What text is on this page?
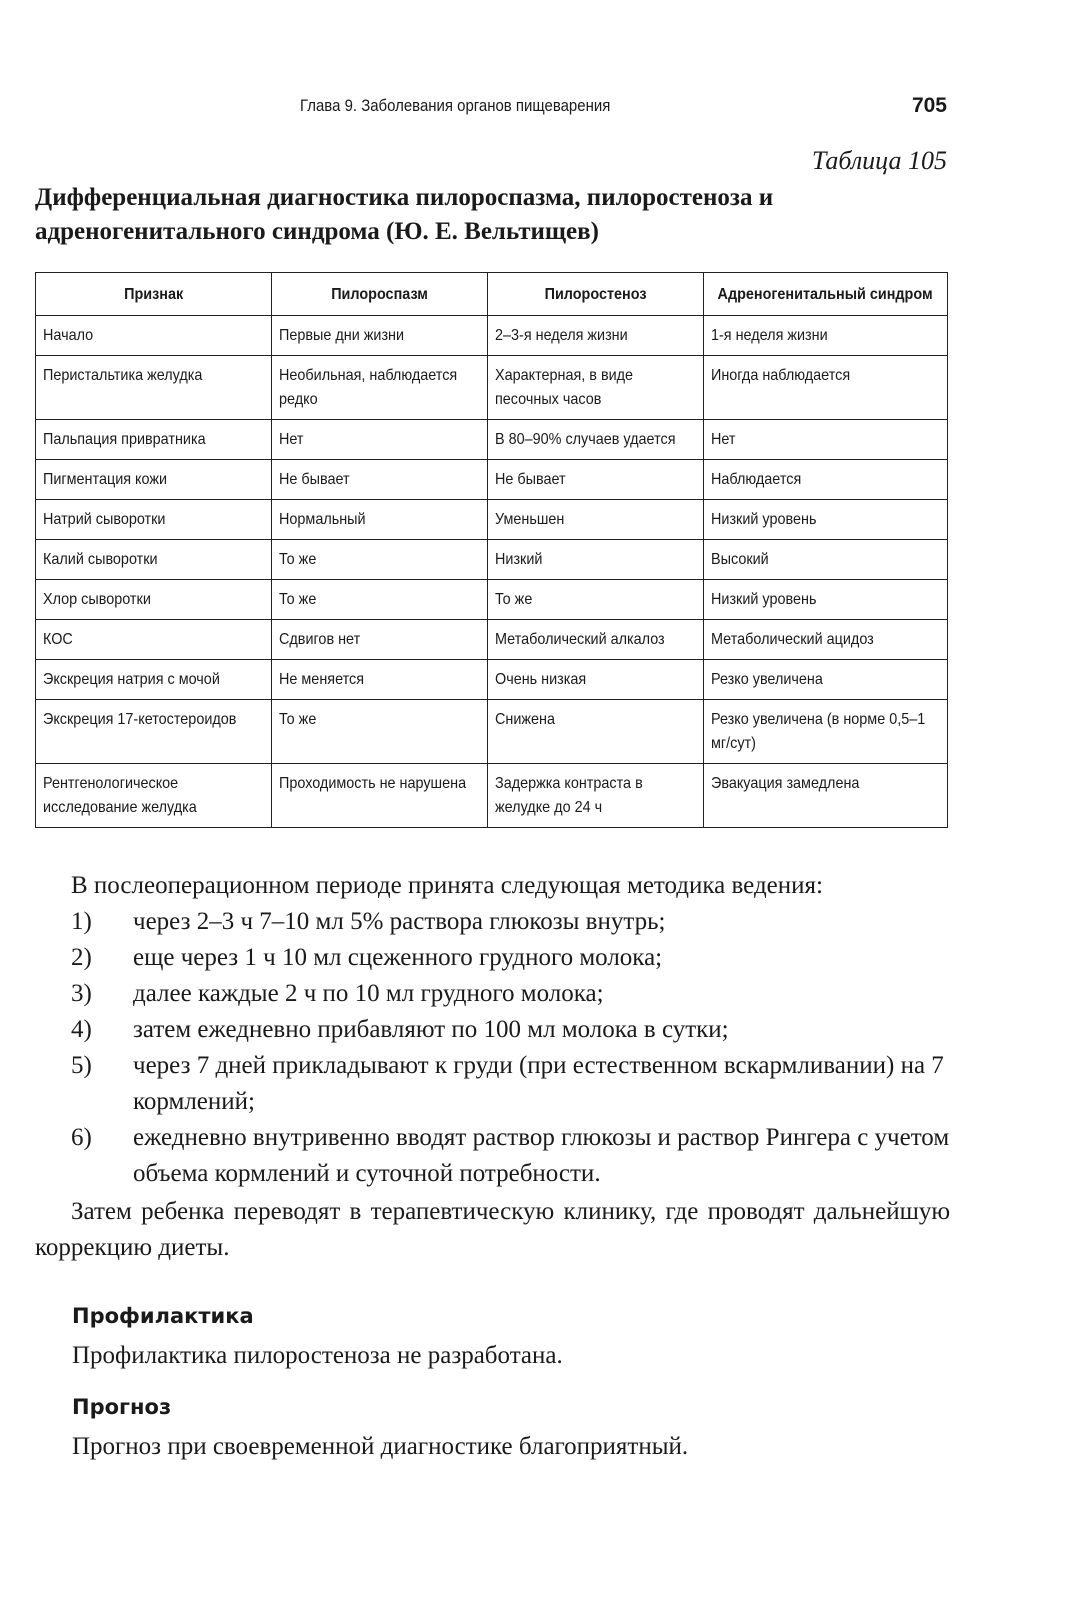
Глава 9. Заболевания органов пищеварения	705
Таблица 105
Дифференциальная диагностика пилороспазма, пилоростеноза и адреногенитального синдрома (Ю. Е. Вельтищев)
Признак	Пилороспазм	Пилоростеноз	Адреногенитальный синдром
Начало	Первые дни жизни	2–3-я неделя жизни	1-я неделя жизни
Перистальтика желудка	Необильная, наблюдается редко	Характерная, в виде песочных часов	Иногда наблюдается
Пальпация привратника	Нет	В 80–90% случаев удается	Нет
Пигментация кожи	Не бывает	Не бывает	Наблюдается
Натрий сыворотки	Нормальный	Уменьшен	Низкий уровень
Калий сыворотки	То же	Низкий	Высокий
Хлор сыворотки	То же	То же	Низкий уровень
КОС	Сдвигов нет	Метаболический алкалоз	Метаболический ацидоз
Экскреция натрия с мочой	Не меняется	Очень низкая	Резко увеличена
Экскреция 17-кетостероидов	То же	Снижена	Резко увеличена (в норме 0,5–1 мг/сут)
Рентгенологическое исследование желудка	Проходимость не нарушена	Задержка контраста в желудке до 24 ч	Эвакуация замедлена

В послеоперационном периоде принята следующая методика ведения:

1) через 2–3 ч 7–10 мл 5% раствора глюкозы внутрь;
2) еще через 1 ч 10 мл сцеженного грудного молока;
3) далее каждые 2 ч по 10 мл грудного молока;
4) затем ежедневно прибавляют по 100 мл молока в сутки;
5) через 7 дней прикладывают к груди (при естественном вскармливании) на 7 кормлений;
6) ежедневно внутривенно вводят раствор глюкозы и раствор Рингера с учетом объема кормлений и суточной потребности.

Затем ребенка переводят в терапевтическую клинику, где проводят дальнейшую коррекцию диеты.

Профилактика
Профилактика пилоростеноза не разработана.
Прогноз
Прогноз при своевременной диагностике благоприятный.
